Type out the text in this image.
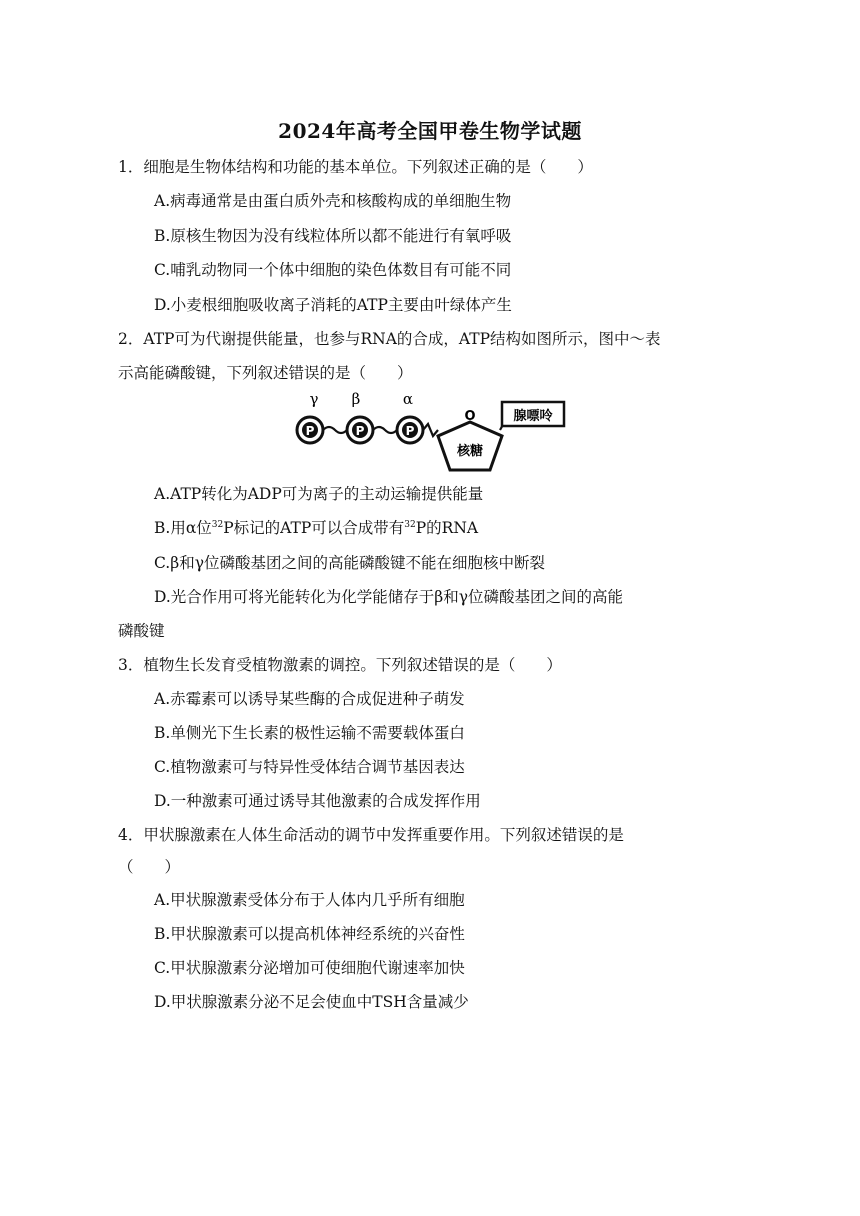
2024年高考全国甲卷生物学试题
1．细胞是生物体结构和功能的基本单位。下列叙述正确的是（　　）
A.病毒通常是由蛋白质外壳和核酸构成的单细胞生物
B.原核生物因为没有线粒体所以都不能进行有氧呼吸
C.哺乳动物同一个体中细胞的染色体数目有可能不同
D.小麦根细胞吸收离子消耗的ATP主要由叶绿体产生
2．ATP可为代谢提供能量，也参与RNA的合成，ATP结构如图所示，图中～表
示高能磷酸键，下列叙述错误的是（　　）
γ β	α
P	P	P
O
核糖
腺嘌呤
A.ATP转化为ADP可为离子的主动运输提供能量
B.用α位$^{32}$P标记的ATP可以合成带有$^{32}$P的RNA
C.β和γ位磷酸基团之间的高能磷酸键不能在细胞核中断裂
D.光合作用可将光能转化为化学能储存于β和γ位磷酸基团之间的高能
磷酸键
3．植物生长发育受植物激素的调控。下列叙述错误的是（　　）
A.赤霉素可以诱导某些酶的合成促进种子萌发
B.单侧光下生长素的极性运输不需要载体蛋白
C.植物激素可与特异性受体结合调节基因表达
D.一种激素可通过诱导其他激素的合成发挥作用
4．甲状腺激素在人体生命活动的调节中发挥重要作用。下列叙述错误的是
（　　）
A.甲状腺激素受体分布于人体内几乎所有细胞
B.甲状腺激素可以提高机体神经系统的兴奋性
C.甲状腺激素分泌增加可使细胞代谢速率加快
D.甲状腺激素分泌不足会使血中TSH含量减少
